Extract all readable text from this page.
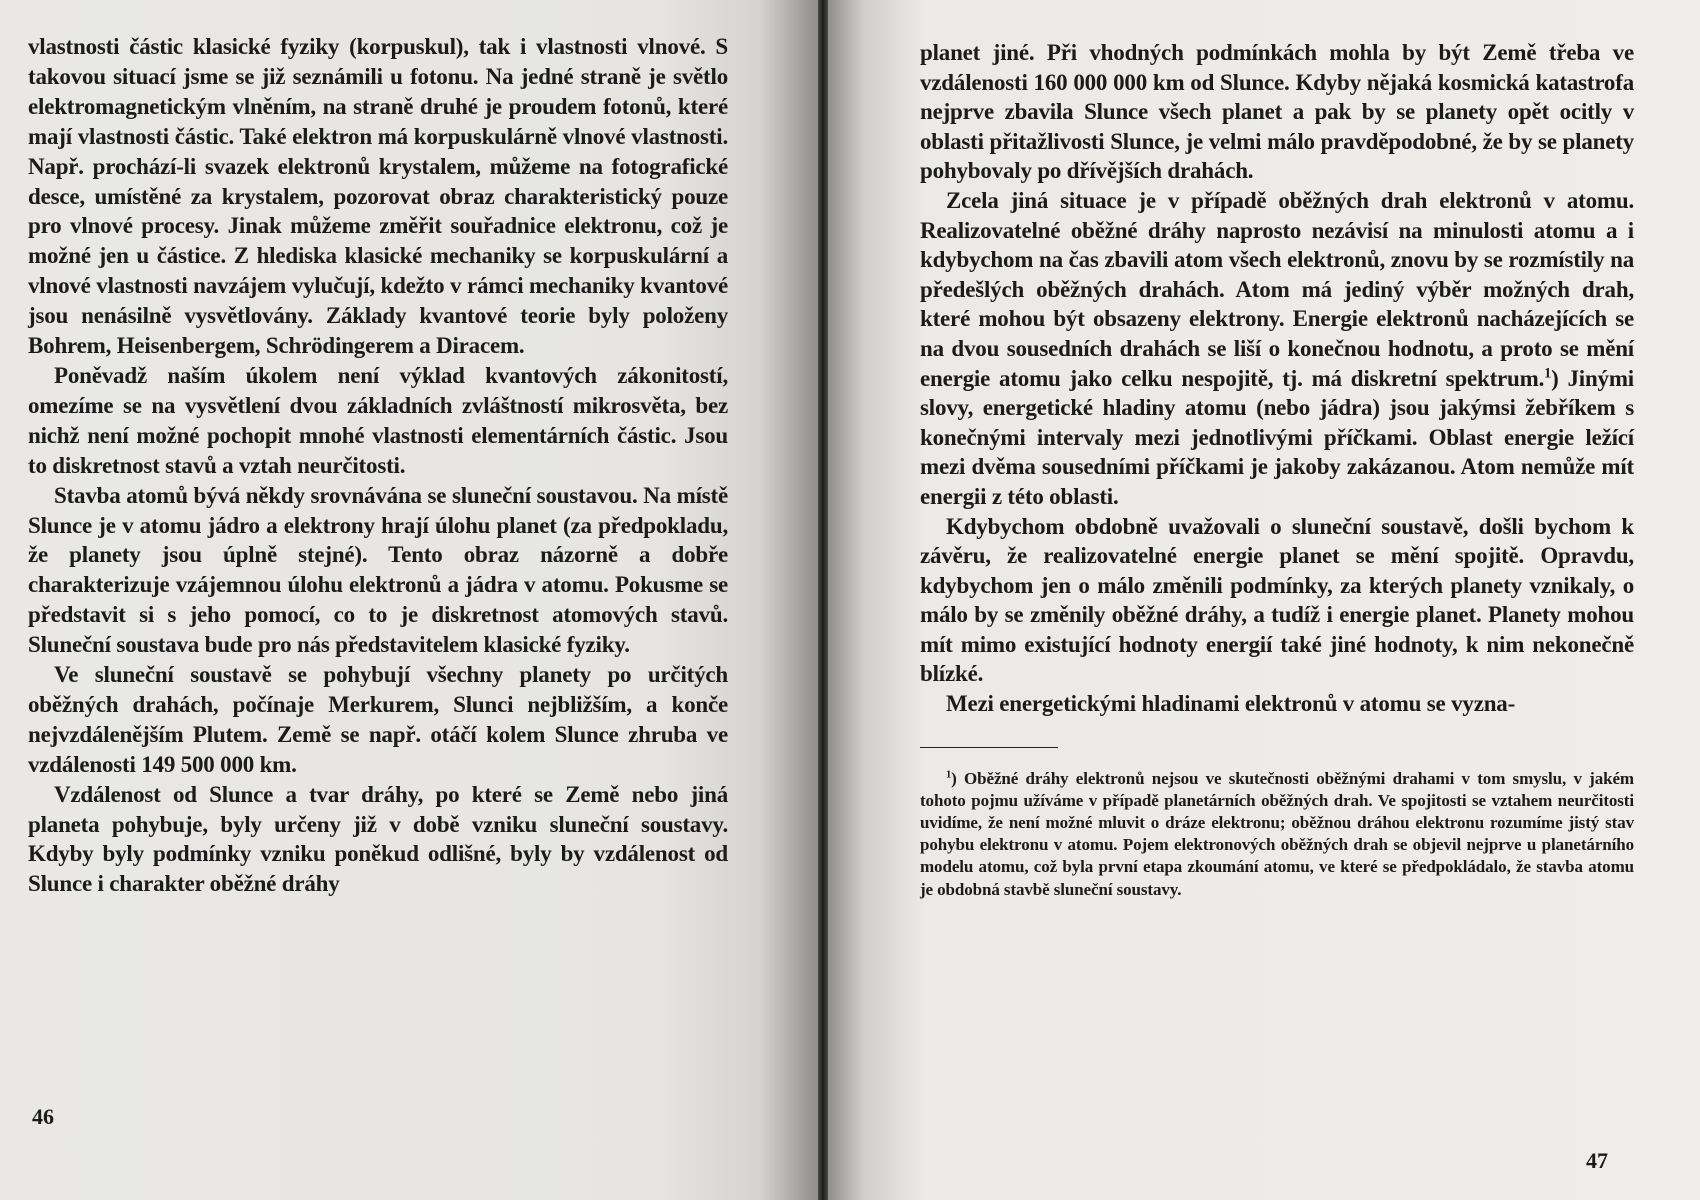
vlastnosti částic klasické fyziky (korpuskul), tak i vlastnosti vlnové. S takovou situací jsme se již seznámili u fotonu. Na jedné straně je světlo elektromagnetickým vlněním, na straně druhé je proudem fotonů, které mají vlastnosti částic. Také elektron má korpuskulárně vlnové vlastnosti. Např. prochází-li svazek elektronů krystalem, můžeme na fotografické desce, umístěné za krystalem, pozorovat obraz charakteristický pouze pro vlnové procesy. Jinak můžeme změřit souřadnice elektronu, což je možné jen u částice. Z hlediska klasické mechaniky se korpuskulární a vlnové vlastnosti navzájem vylučují, kdežto v rámci mechaniky kvantové jsou nenásilně vysvětlovány. Základy kvantové teorie byly položeny Bohrem, Heisenbergem, Schrödingerem a Diracem.

Poněvadž naším úkolem není výklad kvantových zákonitostí, omezíme se na vysvětlení dvou základních zvláštností mikrosvěta, bez nichž není možné pochopit mnohé vlastnosti elementárních částic. Jsou to diskretnost stavů a vztah neurčitosti.

Stavba atomů bývá někdy srovnávána se sluneční soustavou. Na místě Slunce je v atomu jádro a elektrony hrají úlohu planet (za předpokladu, že planety jsou úplně stejné). Tento obraz názorně a dobře charakterizuje vzájemnou úlohu elektronů a jádra v atomu. Pokusme se představit si s jeho pomocí, co to je diskretnost atomových stavů. Sluneční soustava bude pro nás představitelem klasické fyziky.

Ve sluneční soustavě se pohybují všechny planety po určitých oběžných drahách, počínaje Merkurem, Slunci nejbližším, a konče nejvzdálenějším Plutem. Země se např. otáčí kolem Slunce zhruba ve vzdálenosti 149 500 000 km.

Vzdálenost od Slunce a tvar dráhy, po které se Země nebo jiná planeta pohybuje, byly určeny již v době vzniku sluneční soustavy. Kdyby byly podmínky vzniku poněkud odlišné, byly by vzdálenost od Slunce i charakter oběžné dráhy

46

planet jiné. Při vhodných podmínkách mohla by být Země třeba ve vzdálenosti 160 000 000 km od Slunce. Kdyby nějaká kosmická katastrofa nejprve zbavila Slunce všech planet a pak by se planety opět ocitly v oblasti přitažlivosti Slunce, je velmi málo pravděpodobné, že by se planety pohybovaly po dřívějších drahách.

Zcela jiná situace je v případě oběžných drah elektronů v atomu. Realizovatelné oběžné dráhy naprosto nezávisí na minulosti atomu a i kdybychom na čas zbavili atom všech elektronů, znovu by se rozmístily na předešlých oběžných drahách. Atom má jediný výběr možných drah, které mohou být obsazeny elektrony. Energie elektronů nacházejících se na dvou sousedních drahách se liší o konečnou hodnotu, a proto se mění energie atomu jako celku nespojitě, tj. má diskretní spektrum.$^1$) Jinými slovy, energetické hladiny atomu (nebo jádra) jsou jakýmsi žebříkem s konečnými intervaly mezi jednotlivými příčkami. Oblast energie ležící mezi dvěma sousedními příčkami je jakoby zakázanou. Atom nemůže mít energii z této oblasti.

Kdybychom obdobně uvažovali o sluneční soustavě, došli bychom k závěru, že realizovatelné energie planet se mění spojitě. Opravdu, kdybychom jen o málo změnili podmínky, za kterých planety vznikaly, o málo by se změnily oběžné dráhy, a tudíž i energie planet. Planety mohou mít mimo existující hodnoty energií také jiné hodnoty, k nim nekonečně blízké.

Mezi energetickými hladinami elektronů v atomu se vyzna-

$^1$) Oběžné dráhy elektronů nejsou ve skutečnosti oběžnými drahami v tom smyslu, v jakém tohoto pojmu užíváme v případě planetárních oběžných drah. Ve spojitosti se vztahem neurčitosti uvidíme, že není možné mluvit o dráze elektronu; oběžnou dráhou elektronu rozumíme jistý stav pohybu elektronu v atomu. Pojem elektronových oběžných drah se objevil nejprve u planetárního modelu atomu, což byla první etapa zkoumání atomu, ve které se předpokládalo, že stavba atomu je obdobná stavbě sluneční soustavy.

47
